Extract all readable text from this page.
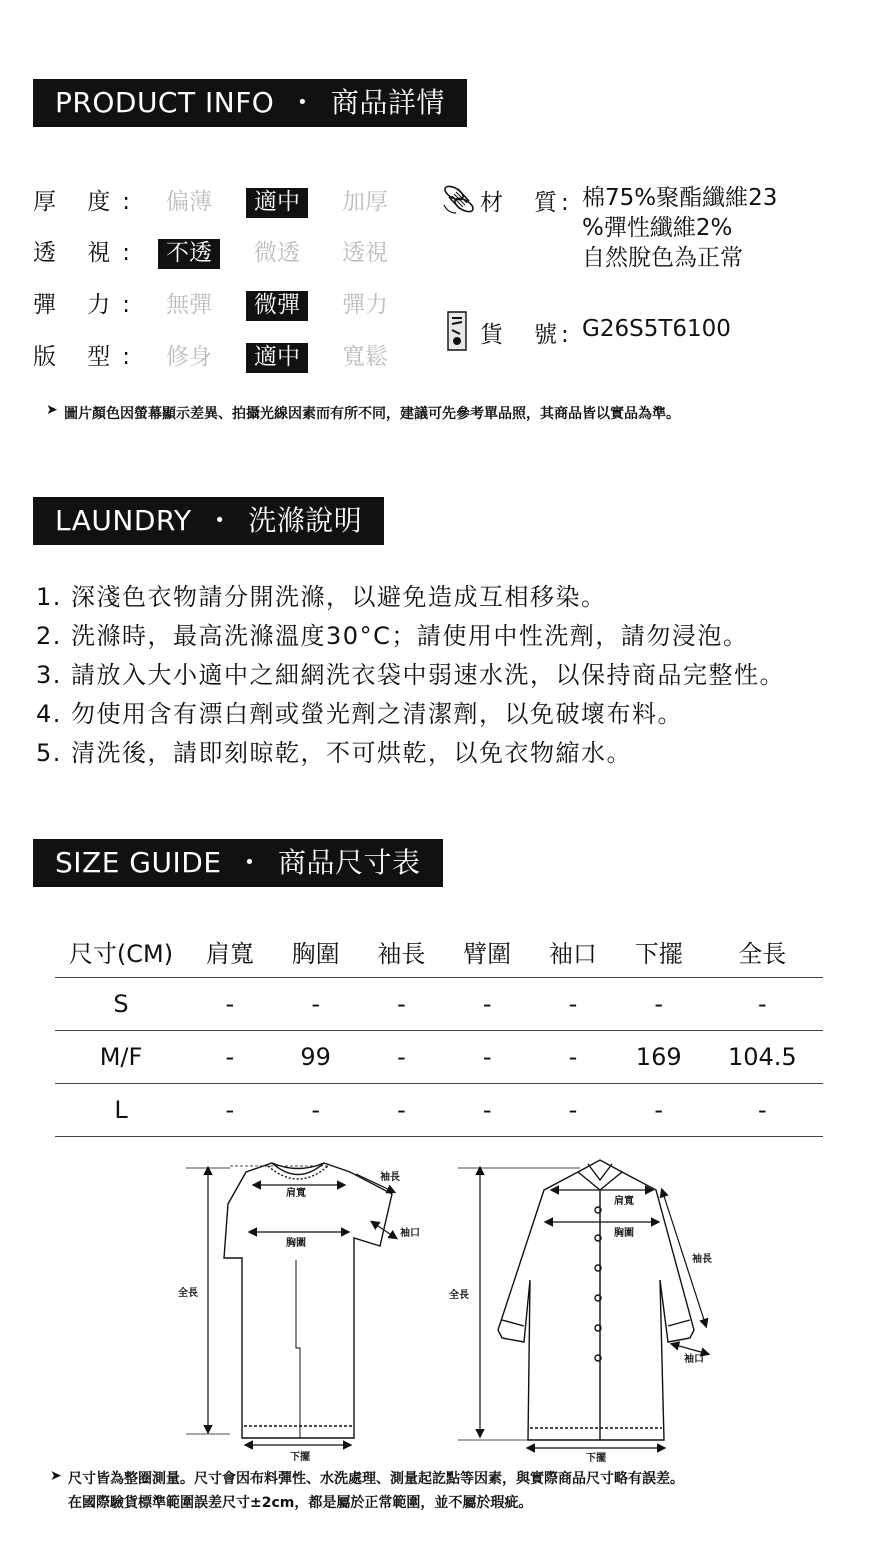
PRODUCT INFO ・ 商品詳情
厚 度:	偏薄	適中	加厚
透 視:	不透	微透	透視
彈 力:	無彈	微彈	彈力
版 型:	修身	適中	寬鬆
材　質: 棉75%聚酯纖維23
%彈性纖維2%
自然脫色為正常
貨　號: G26S5T6100
➤ 圖片顏色因螢幕顯示差異、拍攝光線因素而有所不同，建議可先參考單品照，其商品皆以實品為準。
LAUNDRY ・ 洗滌說明
1. 深淺色衣物請分開洗滌，以避免造成互相移染。
2. 洗滌時，最高洗滌溫度30°C；請使用中性洗劑，請勿浸泡。
3. 請放入大小適中之細網洗衣袋中弱速水洗，以保持商品完整性。
4. 勿使用含有漂白劑或螢光劑之清潔劑，以免破壞布料。
5. 清洗後，請即刻晾乾，不可烘乾，以免衣物縮水。
SIZE GUIDE ・ 商品尺寸表
尺寸(CM)	肩寬	胸圍	袖長	臂圍	袖口	下擺	全長
S	-	-	-	-	-	-	-
M/F	-	99	-	-	-	169	104.5
L	-	-	-	-	-	-	-
袖長
肩寬
胸圍
袖口
全長
下擺
肩寬
胸圍
袖長
袖口
全長
下擺
➤ 尺寸皆為整圈測量。尺寸會因布料彈性、水洗處理、測量起訖點等因素，與實際商品尺寸略有誤差。
在國際驗貨標準範圍誤差尺寸±2cm，都是屬於正常範圍，並不屬於瑕疵。
